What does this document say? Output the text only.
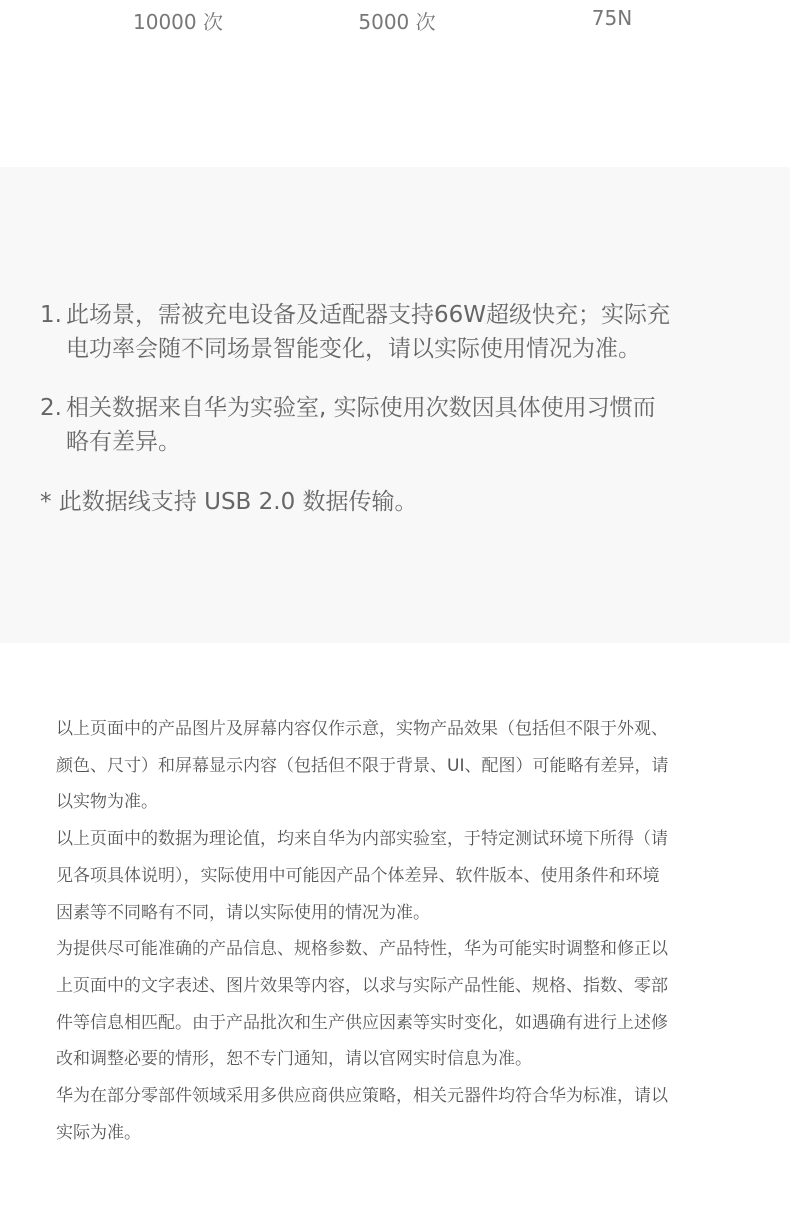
10000 次	5000 次	75N
1. 此场景，需被充电设备及适配器支持66W超级快充；实际充
电功率会随不同场景智能变化，请以实际使用情况为准。
2. 相关数据来自华为实验室, 实际使用次数因具体使用习惯而
略有差异。
* 此数据线支持 USB 2.0 数据传输。

以上页面中的产品图片及屏幕内容仅作示意，实物产品效果（包括但不限于外观、

颜色、尺寸）和屏幕显示内容（包括但不限于背景、UI、配图）可能略有差异，请

以实物为准。

以上页面中的数据为理论值，均来自华为内部实验室，于特定测试环境下所得（请

见各项具体说明），实际使用中可能因产品个体差异、软件版本、使用条件和环境

因素等不同略有不同，请以实际使用的情况为准。

为提供尽可能准确的产品信息、规格参数、产品特性，华为可能实时调整和修正以

上页面中的文字表述、图片效果等内容，以求与实际产品性能、规格、指数、零部

件等信息相匹配。由于产品批次和生产供应因素等实时变化，如遇确有进行上述修

改和调整必要的情形，恕不专门通知，请以官网实时信息为准。

华为在部分零部件领域采用多供应商供应策略，相关元器件均符合华为标准，请以

实际为准。
